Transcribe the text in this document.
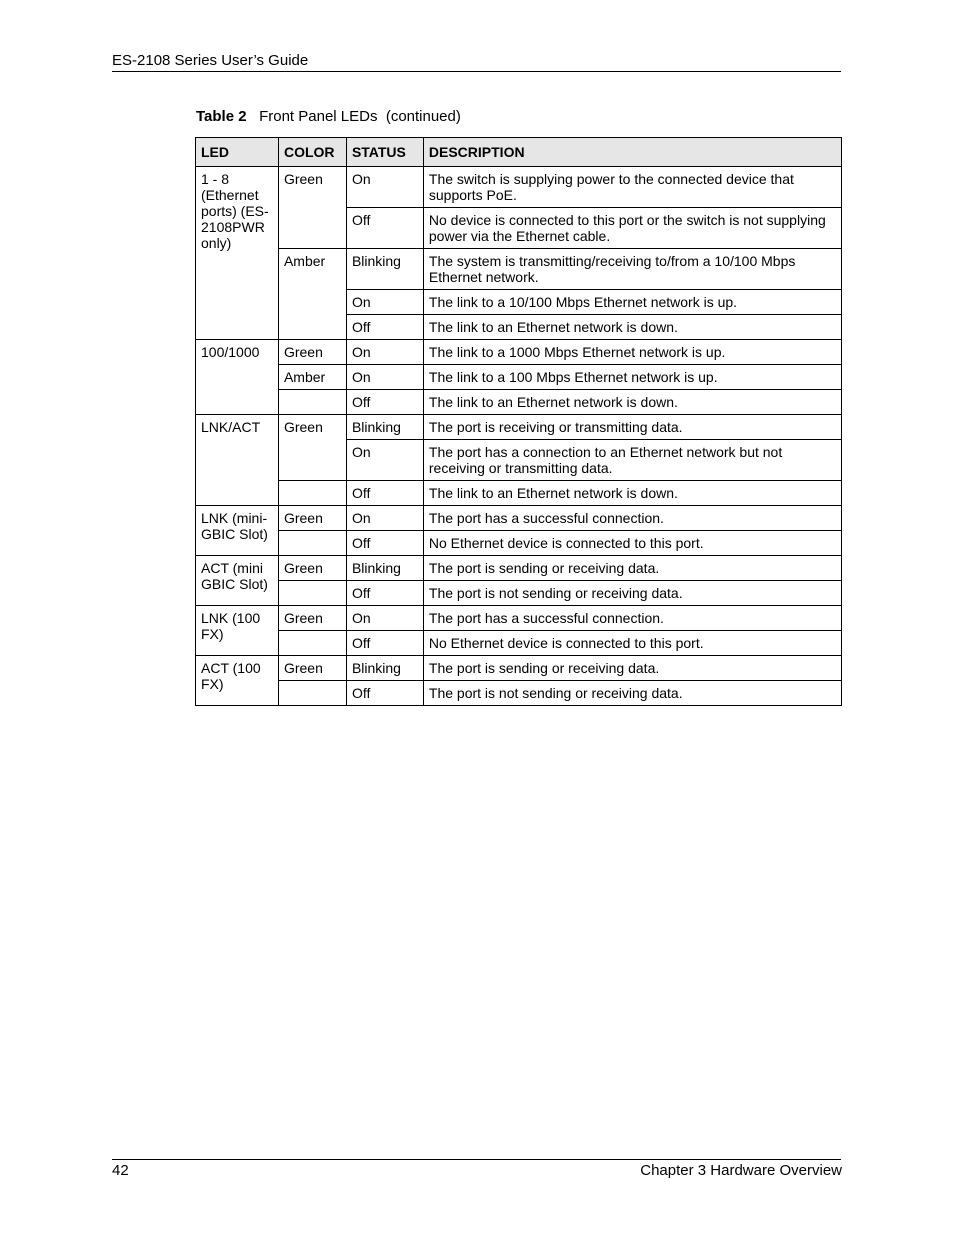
ES-2108 Series User’s Guide
Table 2 Front Panel LEDs  (continued)
LED	COLOR	STATUS	DESCRIPTION
1 - 8 (Ethernet ports) (ES-2108PWR only)	Green	On	The switch is supplying power to the connected device that supports PoE.
		Off	No device is connected to this port or the switch is not supplying power via the Ethernet cable.
	Amber	Blinking	The system is transmitting/receiving to/from a 10/100 Mbps Ethernet network.
		On	The link to a 10/100 Mbps Ethernet network is up.
		Off	The link to an Ethernet network is down.
100/1000	Green	On	The link to a 1000 Mbps Ethernet network is up.
	Amber	On	The link to a 100 Mbps Ethernet network is up.
		Off	The link to an Ethernet network is down.
LNK/ACT	Green	Blinking	The port is receiving or transmitting data.
		On	The port has a connection to an Ethernet network but not receiving or transmitting data.
		Off	The link to an Ethernet network is down.
LNK (mini-GBIC Slot)	Green	On	The port has a successful connection.
		Off	No Ethernet device is connected to this port.
ACT (mini GBIC Slot)	Green	Blinking	The port is sending or receiving data.
		Off	The port is not sending or receiving data.
LNK (100 FX)	Green	On	The port has a successful connection.
		Off	No Ethernet device is connected to this port.
ACT (100 FX)	Green	Blinking	The port is sending or receiving data.
		Off	The port is not sending or receiving data.
42	Chapter 3 Hardware Overview
